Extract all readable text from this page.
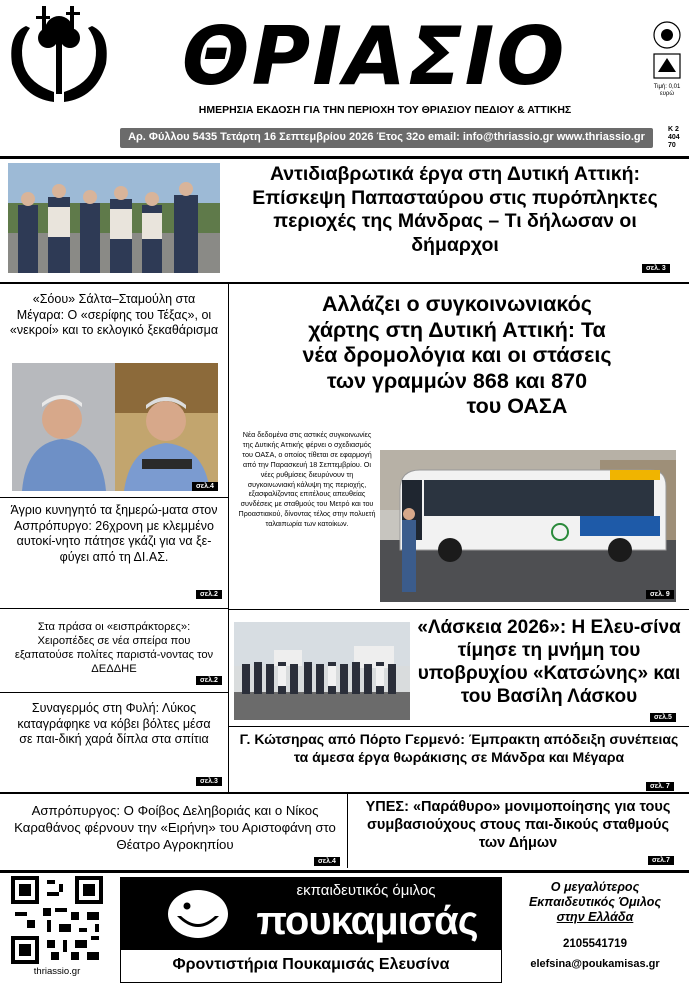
ΘΡΙΑΣΙΟ
ΗΜΕΡΗΣΙΑ ΕΚΔΟΣΗ ΓΙΑ ΤΗΝ ΠΕΡΙΟΧΗ ΤΟΥ ΘΡΙΑΣΙΟΥ ΠΕΔΙΟΥ & ΑΤΤΙΚΗΣ
Τιμή: 0,01 ευρώ
Αρ. Φύλλου 5435 Τετάρτη 16 Σεπτεμβρίου 2026 Έτος 32ο email: info@thriassio.gr www.thriassio.gr
Κ 240470
Αντιδιαβρωτικά έργα στη Δυτική Αττική: Επίσκεψη Παπασταύρου στις πυρόπληκτες περιοχές της Μάνδρας – Τι δήλωσαν οι δήμαρχοι
σελ. 3
«Σόου» Σάλτα–Σταμούλη στα Μέγαρα: Ο «σερίφης του Τέξας», οι «νεκροί» και το εκλογικό ξεκαθάρισμα
σελ.4
Άγριο κυνηγητό τα ξημερώ-ματα στον Ασπρόπυργο: 26χρονη με κλεμμένο αυτοκί-νητο πάτησε γκάζι για να ξε-φύγει από τη ΔΙ.ΑΣ.
σελ.2
Στα πράσα οι «εισπράκτορες»: Χειροπέδες σε νέα σπείρα που εξαπατούσε πολίτες παριστά-νοντας τον ΔΕΔΔΗΕ
σελ.2
Συναγερμός στη Φυλή: Λύκος καταγράφηκε να κόβει βόλτες μέσα σε παι-δική χαρά δίπλα στα σπίτια
σελ.3
Αλλάζει ο συγκοινωνιακός
χάρτης στη Δυτική Αττική: Τα
νέα δρομολόγια και οι στάσεις
των γραμμών 868 και 870
του ΟΑΣΑ
Νέα δεδομένα στις αστικές συγκοινωνίες της Δυτικής Αττικής φέρνει ο σχεδιασμός του ΟΑΣΑ, ο οποίος τίθεται σε εφαρμογή από την Παρασκευή 18 Σεπτεμβρίου. Οι νέες ρυθμίσεις διευρύνουν τη συγκοινωνιακή κάλυψη της περιοχής, εξασφαλίζοντας επιτέλους απευθείας συνδέσεις με σταθμούς του Μετρό και του Προαστιακού, δίνοντας τέλος στην πολυετή ταλαιπωρία των κατοίκων.
σελ. 9
«Λάσκεια 2026»: Η Ελευ-σίνα τίμησε τη μνήμη του υποβρυχίου «Κατσώνης» και του Βασίλη Λάσκου
σελ.5
Γ. Κώτσηρας από Πόρτο Γερμενό: Έμπρακτη απόδειξη συνέπειας τα άμεσα έργα θωράκισης σε Μάνδρα και Μέγαρα
σελ. 7
Ασπρόπυργος: Ο Φοίβος Δεληβοριάς και ο Νίκος Καραθάνος φέρνουν την «Ειρήνη» του Αριστοφάνη στο Θέατρο Αγροκηπίου
σελ.4
ΥΠΕΣ: «Παράθυρο» μονιμοποίησης για τους συμβασιούχους στους παι-δικούς σταθμούς των Δήμων
σελ.7
thriassio.gr
εκπαιδευτικός όμιλος
πουκαμισάς
Φροντιστήρια Πουκαμισάς Ελευσίνα
Ο μεγαλύτερος
Εκπαιδευτικός Όμιλος
στην Ελλάδα
2105541719
elefsina@poukamisas.gr
